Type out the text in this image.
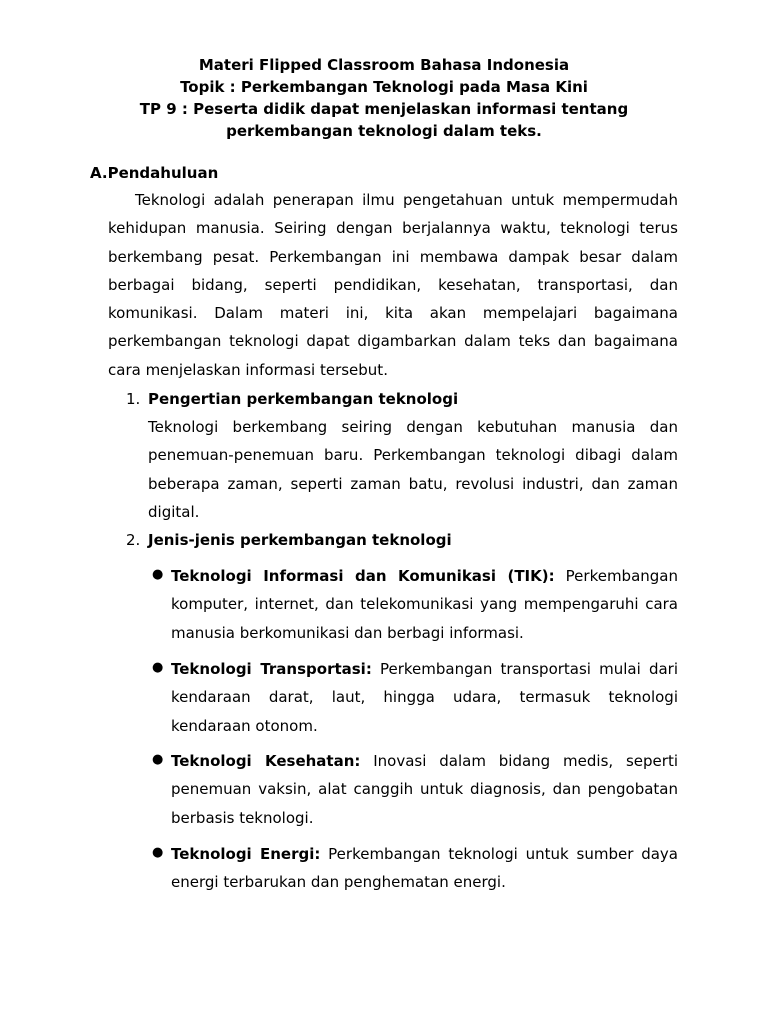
Materi Flipped Classroom Bahasa Indonesia
Topik : Perkembangan Teknologi pada Masa Kini
TP 9 : Peserta didik dapat menjelaskan informasi tentang
perkembangan teknologi dalam teks.
A.Pendahuluan
Teknologi adalah penerapan ilmu pengetahuan untuk mempermudah kehidupan manusia. Seiring dengan berjalannya waktu, teknologi terus berkembang pesat. Perkembangan ini membawa dampak besar dalam berbagai bidang, seperti pendidikan, kesehatan, transportasi, dan komunikasi. Dalam materi ini, kita akan mempelajari bagaimana perkembangan teknologi dapat digambarkan dalam teks dan bagaimana cara menjelaskan informasi tersebut.
1. Pengertian perkembangan teknologi
Teknologi berkembang seiring dengan kebutuhan manusia dan penemuan-penemuan baru. Perkembangan teknologi dibagi dalam beberapa zaman, seperti zaman batu, revolusi industri, dan zaman digital.
2. Jenis-jenis perkembangan teknologi
● Teknologi Informasi dan Komunikasi (TIK): Perkembangan komputer, internet, dan telekomunikasi yang mempengaruhi cara manusia berkomunikasi dan berbagi informasi.
● Teknologi Transportasi: Perkembangan transportasi mulai dari kendaraan darat, laut, hingga udara, termasuk teknologi kendaraan otonom.
● Teknologi Kesehatan: Inovasi dalam bidang medis, seperti penemuan vaksin, alat canggih untuk diagnosis, dan pengobatan berbasis teknologi.
● Teknologi Energi: Perkembangan teknologi untuk sumber daya energi terbarukan dan penghematan energi.
